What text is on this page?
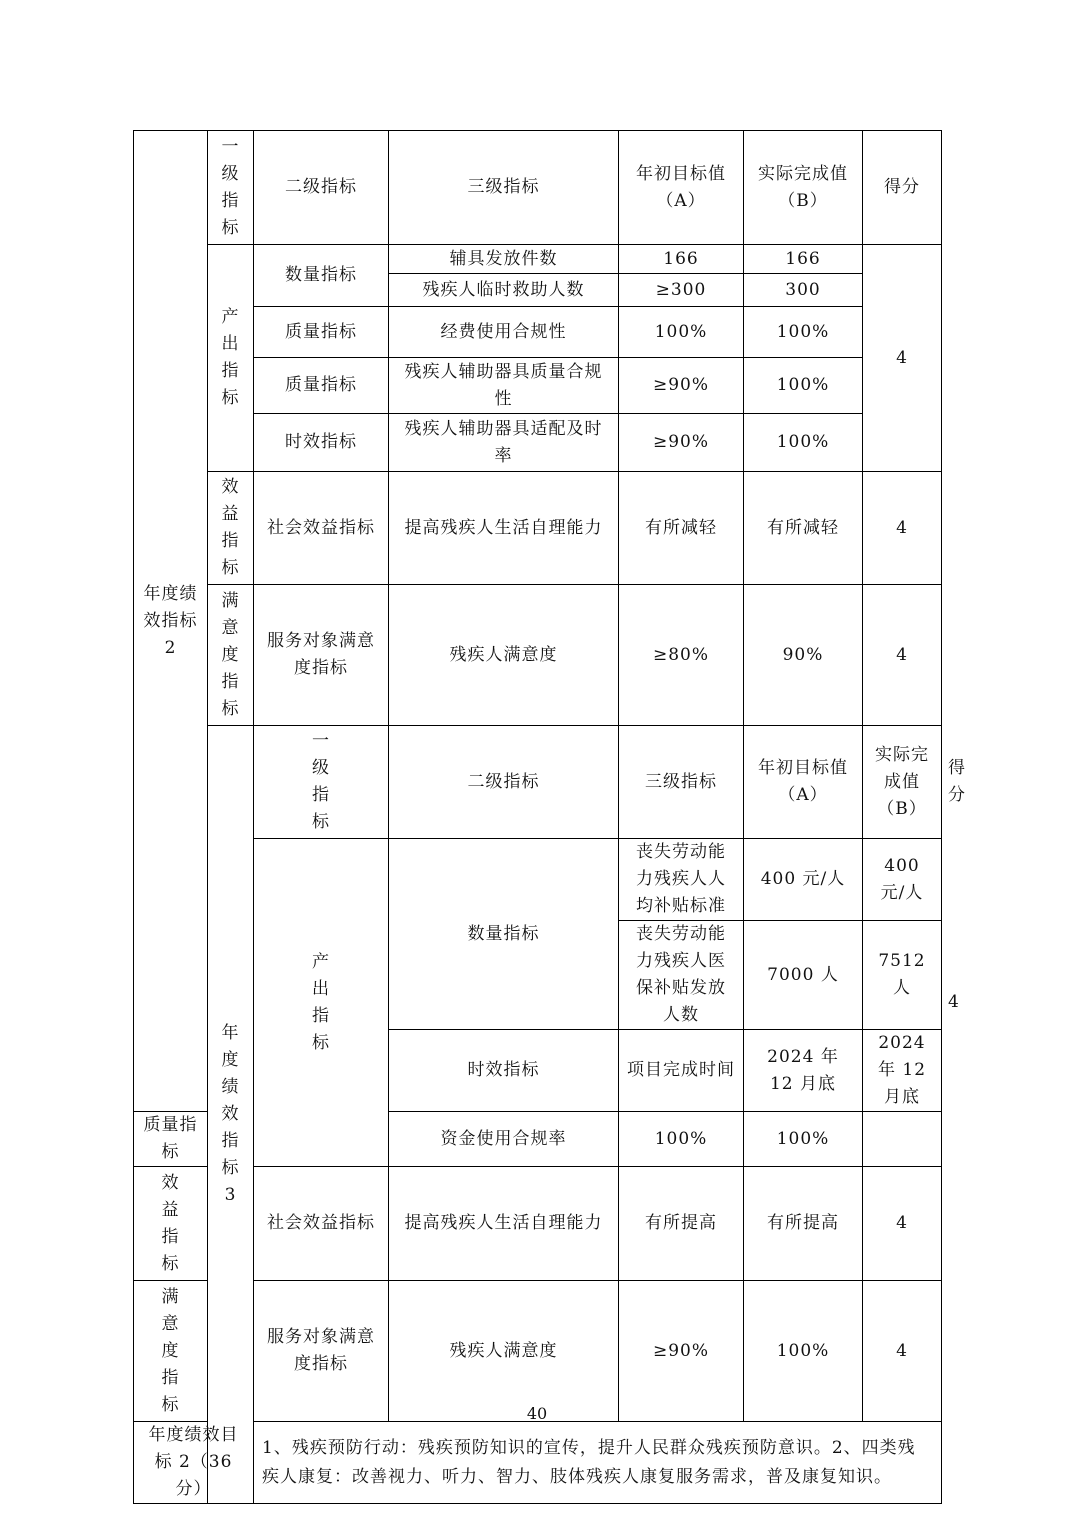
年度绩效指标 2	一级指标	二级指标	三级指标	年初目标值（A）	实际完成值（B）	得分	
	产出指标	数量指标	辅具发放件数	166	166	4	
			残疾人临时救助人数	≥300	300		
		质量指标	经费使用合规性	100%	100%		
		质量指标	残疾人辅助器具质量合规性	≥90%	100%		
		时效指标	残疾人辅助器具适配及时率	≥90%	100%		
	效益指标	社会效益指标	提高残疾人生活自理能力	有所减轻	有所减轻	4	
	满意度指标	服务对象满意度指标	残疾人满意度	≥80%	90%	4	
	年度绩效指标 3	一级指标	二级指标	三级指标	年初目标值（A）	实际完成值（B）	得分
		产出指标	数量指标	丧失劳动能力残疾人人均补贴标准	400 元/人	400 元/人	4
				丧失劳动能力残疾人医保补贴发放人数	7000 人	7512 人	
			时效指标	项目完成时间	2024 年 12 月底	2024 年 12 月底	
质量指标			资金使用合规率	100%	100%		
效益指标		社会效益指标	提高残疾人生活自理能力	有所提高	有所提高	4	
满意度指标		服务对象满意度指标	残疾人满意度	≥90%	100%	4	
年度绩效目标 2（36 分）		1、残疾预防行动：残疾预防知识的宣传，提升人民群众残疾预防意识。2、四类残疾人康复：改善视力、听力、智力、肢体残疾人康复服务需求，普及康复知识。					
40
